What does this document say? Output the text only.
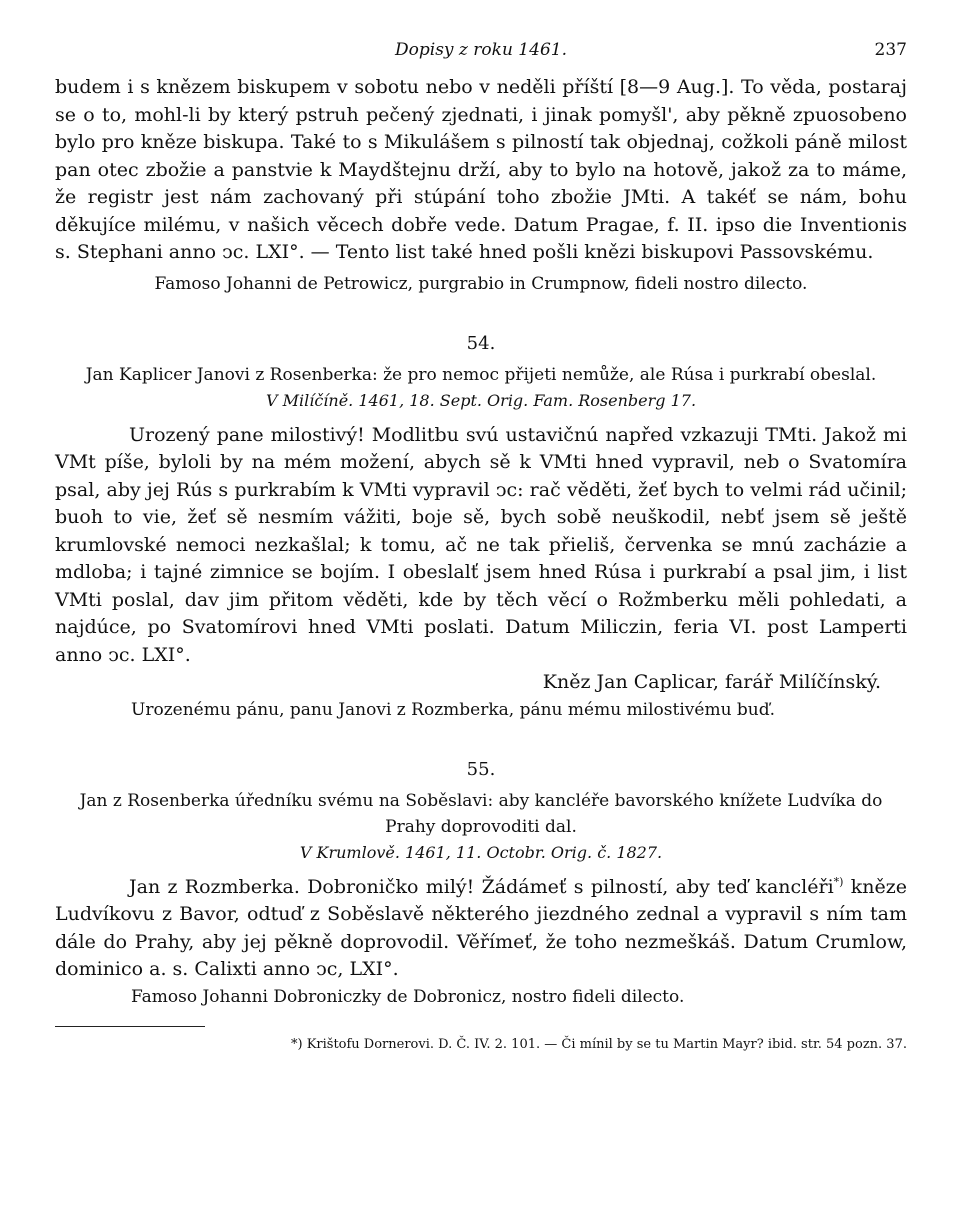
Dopisy z roku 1461.	237

budem i s knězem biskupem v sobotu nebo v neděli příští [8—9 Aug.]. To věda, postaraj se o to, mohl-li by který pstruh pečený zjednati, i jinak pomyšl', aby pěkně zpuosobeno bylo pro kněze biskupa. Také to s Mikulášem s pilností tak objednaj, cožkoli páně milost pan otec zbožie a panstvie k Maydštejnu drží, aby to bylo na hotově, jakož za to máme, že registr jest nám zachovaný při stúpání toho zbožie JMti. A takéť se nám, bohu děkujíce milému, v našich věcech dobře vede. Datum Pragae, f. II. ipso die Inventionis s. Stephani anno ↄc. LXI°. — Tento list také hned pošli knězi biskupovi Passovskému.

Famoso Johanni de Petrowicz, purgrabio in Crumpnow, fideli nostro dilecto.

54.

Jan Kaplicer Janovi z Rosenberka: že pro nemoc přijeti nemůže, ale Rúsa i purkrabí obeslal.

V Milíčíně. 1461, 18. Sept. Orig. Fam. Rosenberg 17.

Urozený pane milostivý! Modlitbu svú ustavičnú napřed vzkazuji TMti. Jakož mi VMt píše, byloli by na mém možení, abych sě k VMti hned vypravil, neb o Svatomíra psal, aby jej Rús s purkrabím k VMti vypravil ↄc: rač věděti, žeť bych to velmi rád učinil; buoh to vie, žeť sě nesmím vážiti, boje sě, bych sobě neuškodil, nebť jsem sě ještě krumlovské nemoci nezkašlal; k tomu, ač ne tak přieliš, červenka se mnú zacházie a mdloba; i tajné zimnice se bojím. I obeslalť jsem hned Rúsa i purkrabí a psal jim, i list VMti poslal, dav jim přitom věděti, kde by těch věcí o Rožmberku měli pohledati, a najdúce, po Svatomírovi hned VMti poslati. Datum Miliczin, feria VI. post Lamperti anno ↄc. LXI°.

Kněz Jan Caplicar, farář Milíčínský.

Urozenému pánu, panu Janovi z Rozmberka, pánu mému milostivému buď.

55.

Jan z Rosenberka úředníku svému na Soběslavi: aby kancléře bavorského knížete Ludvíka do Prahy doprovoditi dal.

V Krumlově. 1461, 11. Octobr. Orig. č. 1827.

Jan z Rozmberka. Dobroničko milý! Žádámeť s pilností, aby teď kancléři*) kněze Ludvíkovu z Bavor, odtuď z Soběslavě některého jiezdného zednal a vypravil s ním tam dále do Prahy, aby jej pěkně doprovodil. Věřímeť, že toho nezmeškáš. Datum Crumlow, dominico a. s. Calixti anno ↄc, LXI°.

Famoso Johanni Dobroniczky de Dobronicz, nostro fideli dilecto.

*) Krištofu Dornerovi. D. Č. IV. 2. 101. — Či mínil by se tu Martin Mayr? ibid. str. 54 pozn. 37.
